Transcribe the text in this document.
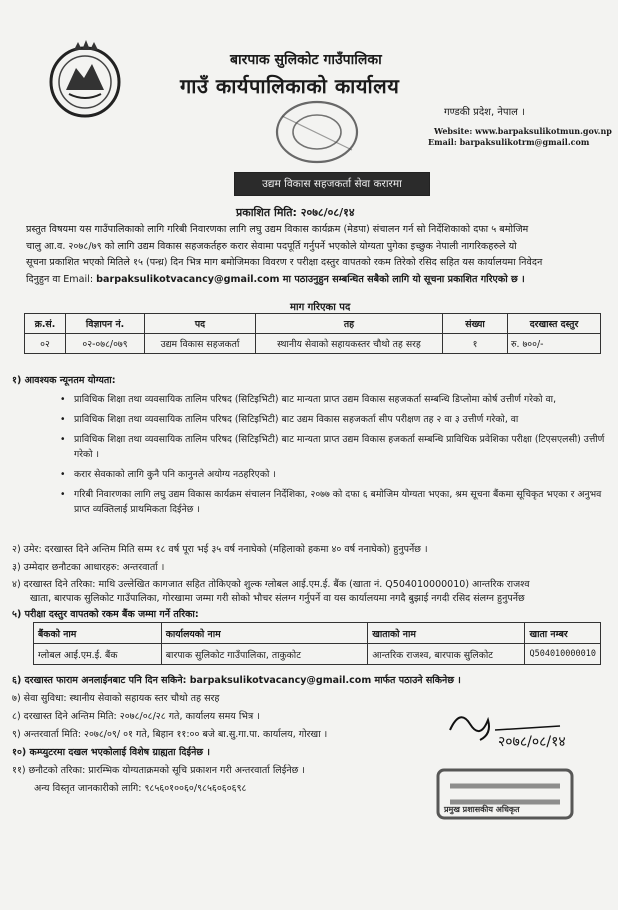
बारपाक सुलिकोट गाउँपालिका
गाउँ कार्यपालिकाको कार्यालय
गण्डकी प्रदेश, नेपाल ।
Website: www.barpaksulikotmun.gov.np
Email: barpaksulikotrm@gmail.com
उद्यम विकास सहजकर्ता सेवा करारमा
प्रकाशित मिति: २०७८/०८/१४
प्रस्तुत विषयमा यस गाउँपालिकाको लागि गरिबी निवारणका लागि लघु उद्यम विकास कार्यक्रम (मेडपा) संचालन गर्न सो निर्देशिकाको दफा ५ बमोजिम
चालु आ.व. २०७८/७९ को लागि उद्यम विकास सहजकर्तहरु करार सेवामा पदपूर्ति गर्नुपर्ने भएकोले योग्यता पुगेका इच्छुक नेपाली नागरिकहरुले यो
सूचना प्रकाशित भएको मितिले १५ (पन्ध्र) दिन भित्र माग बमोजिमका विवरण र परीक्षा दस्तुर वापतको रकम तिरेको रसिद सहित यस कार्यालयमा निवेदन
दिनुहुन वा Email: barpaksulikotvacancy@gmail.com मा पठाउनुहुन सम्बन्धित सबैको लागि यो सूचना प्रकाशित गरिएको छ ।
माग गरिएका पद
क्र.सं.	विज्ञापन नं.	पद	तह	संख्या	दरखास्त दस्तुर
०२	०२-०७८/०७९	उद्यम विकास सहजकर्ता	स्थानीय सेवाको सहायकस्तर चौथो तह सरह	१	रु. ७००/-
१) आवश्यक न्यूनतम योग्यता:
• प्राविधिक शिक्षा तथा व्यवसायिक तालिम परिषद (सिटिइभिटी) बाट मान्यता प्राप्त उद्यम विकास सहजकर्ता सम्बन्धि डिप्लोमा कोर्ष उत्तीर्ण गरेको वा,
• प्राविधिक शिक्षा तथा व्यवसायिक तालिम परिषद (सिटिइभिटी) बाट उद्यम विकास सहजकर्ता सीप परीक्षण तह २ वा ३ उत्तीर्ण गरेको, वा
• प्राविधिक शिक्षा तथा व्यवसायिक तालिम परिषद (सिटिइभिटी) बाट मान्यता प्राप्त उद्यम विकास हजकर्ता सम्बन्धि प्राविधिक प्रवेशिका परीक्षा (टिएसएलसी) उत्तीर्ण गरेको ।
• करार सेवकाको लागि कुनै पनि कानुनले अयोग्य नठहरिएको ।
• गरिबी निवारणका लागि लघु उद्यम विकास कार्यक्रम संचालन निर्देशिका, २०७७ को दफा ६ बमोजिम योग्यता भएका, श्रम सूचना बैंकमा सूचिकृत भएका र अनुभव प्राप्त व्यक्तिलाई प्राथमिकता दिईनेछ ।
२) उमेर: दरखास्त दिने अन्तिम मिति सम्म १८ वर्ष पूरा भई ३५ वर्ष ननाघेको (महिलाको हकमा ४० वर्ष ननाघेको) हुनुपर्नेछ ।
३) उम्मेदार छनौटका आधारहरु: अन्तरवार्ता ।
४) दरखास्त दिने तरिका: माथि उल्लेखित कागजात सहित तोकिएको शुल्क ग्लोबल आई.एम.ई. बैंक (खाता नं. Q504010000010) आन्तरिक राजश्व
खाता, बारपाक सुलिकोट गाउँपालिका, गोरखामा जम्मा गरी सोको भौचर संलग्न गर्नुपर्ने वा यस कार्यालयमा नगदै बुझाई नगदी रसिद संलग्न हुनुपर्नेछ
५) परीक्षा दस्तुर वापतको रकम बैंक जम्मा गर्ने तरिका:
बैंकको नाम	कार्यालयको नाम	खाताको नाम	खाता नम्बर
ग्लोबल आई.एम.ई. बैंक	बारपाक सुलिकोट गाउँपालिका, ताकुकोट	आन्तरिक राजश्व, बारपाक सुलिकोट	Q504010000010
६) दरखास्त फाराम अनलाईनबाट पनि दिन सकिने: barpaksulikotvacancy@gmail.com मार्फत पठाउने सकिनेछ ।
७) सेवा सुविधा: स्थानीय सेवाको सहायक स्तर चौथो तह सरह
८) दरखास्त दिने अन्तिम मिति: २०७८/०८/२८ गते, कार्यालय समय भित्र ।
९) अन्तरवार्ता मिति: २०७८/०९/ ०१ गते, बिहान ११:०० बजे बा.सु.गा.पा. कार्यालय, गोरखा ।
१०) कम्प्युटरमा दखल भएकोलाई विशेष ग्राह्यता दिईनेछ ।
११) छनौटको तरिका: प्रारम्भिक योग्यताक्रमको सूचि प्रकाशन गरी अन्तरवार्ता लिईनेछ ।
अन्य विस्तृत जानकारीको लागि: ९८५६०१००६०/९८५६०६०६९८
२०७८/०८/१४
प्रमुख प्रशासकीय अधिकृत
